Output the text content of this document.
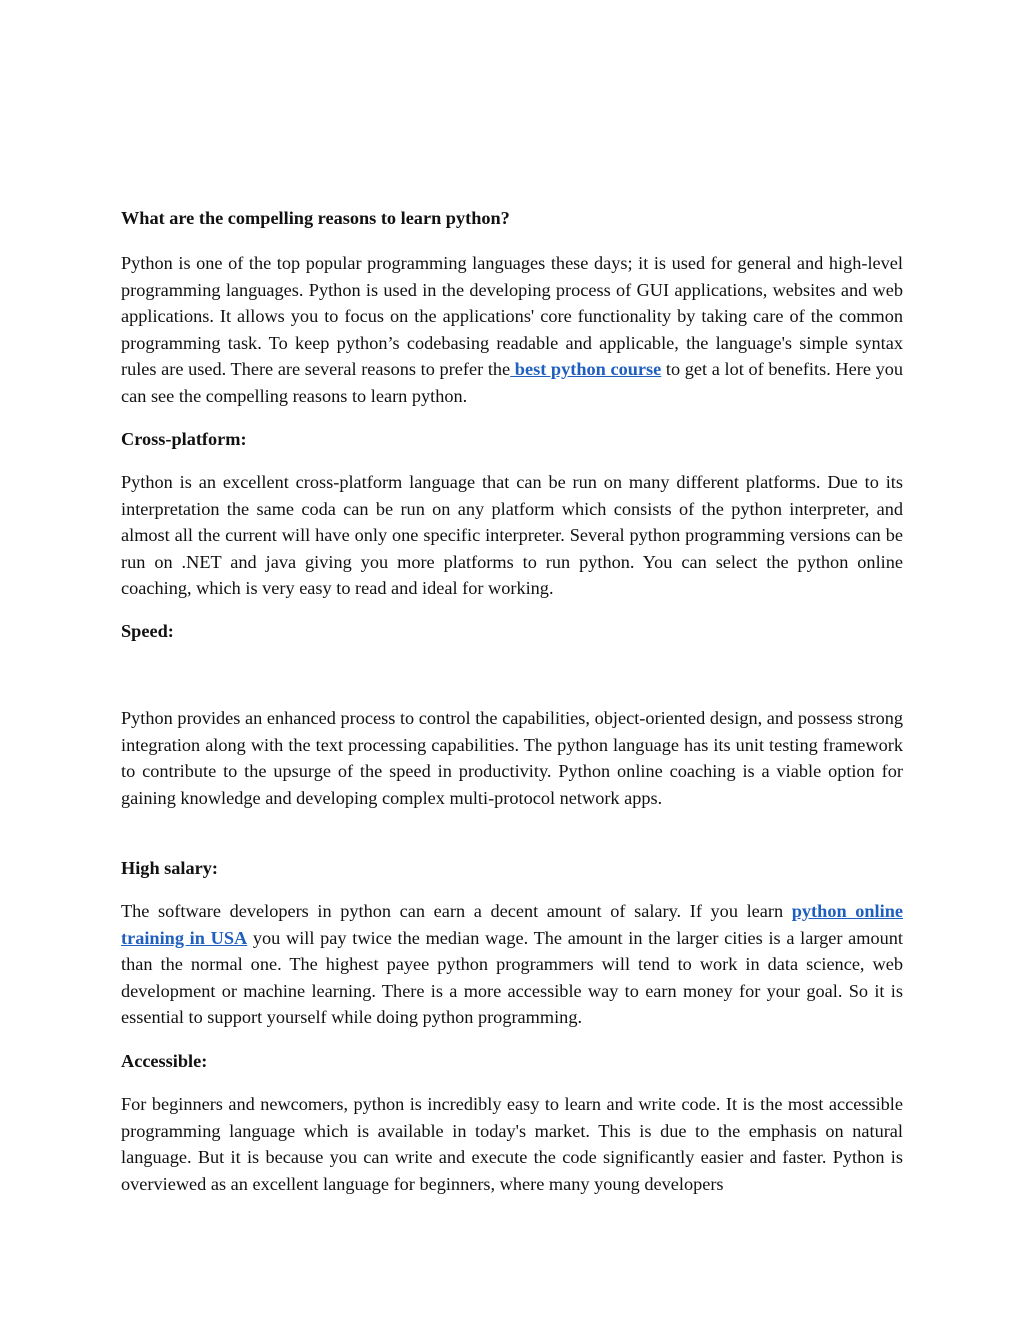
What are the compelling reasons to learn python?

Python is one of the top popular programming languages these days; it is used for general and high-level programming languages. Python is used in the developing process of GUI applications, websites and web applications. It allows you to focus on the applications' core functionality by taking care of the common programming task. To keep python’s codebasing readable and applicable, the language's simple syntax rules are used. There are several reasons to prefer the best python course to get a lot of benefits. Here you can see the compelling reasons to learn python.

Cross-platform:

Python is an excellent cross-platform language that can be run on many different platforms. Due to its interpretation the same coda can be run on any platform which consists of the python interpreter, and almost all the current will have only one specific interpreter. Several python programming versions can be run on .NET and java giving you more platforms to run python. You can select the python online coaching, which is very easy to read and ideal for working.

Speed:

Python provides an enhanced process to control the capabilities, object-oriented design, and possess strong integration along with the text processing capabilities. The python language has its unit testing framework to contribute to the upsurge of the speed in productivity. Python online coaching is a viable option for gaining knowledge and developing complex multi-protocol network apps.

High salary:

The software developers in python can earn a decent amount of salary. If you learn python online training in USA you will pay twice the median wage. The amount in the larger cities is a larger amount than the normal one. The highest payee python programmers will tend to work in data science, web development or machine learning. There is a more accessible way to earn money for your goal. So it is essential to support yourself while doing python programming.

Accessible:

For beginners and newcomers, python is incredibly easy to learn and write code. It is the most accessible programming language which is available in today's market. This is due to the emphasis on natural language. But it is because you can write and execute the code significantly easier and faster. Python is overviewed as an excellent language for beginners, where many young developers
